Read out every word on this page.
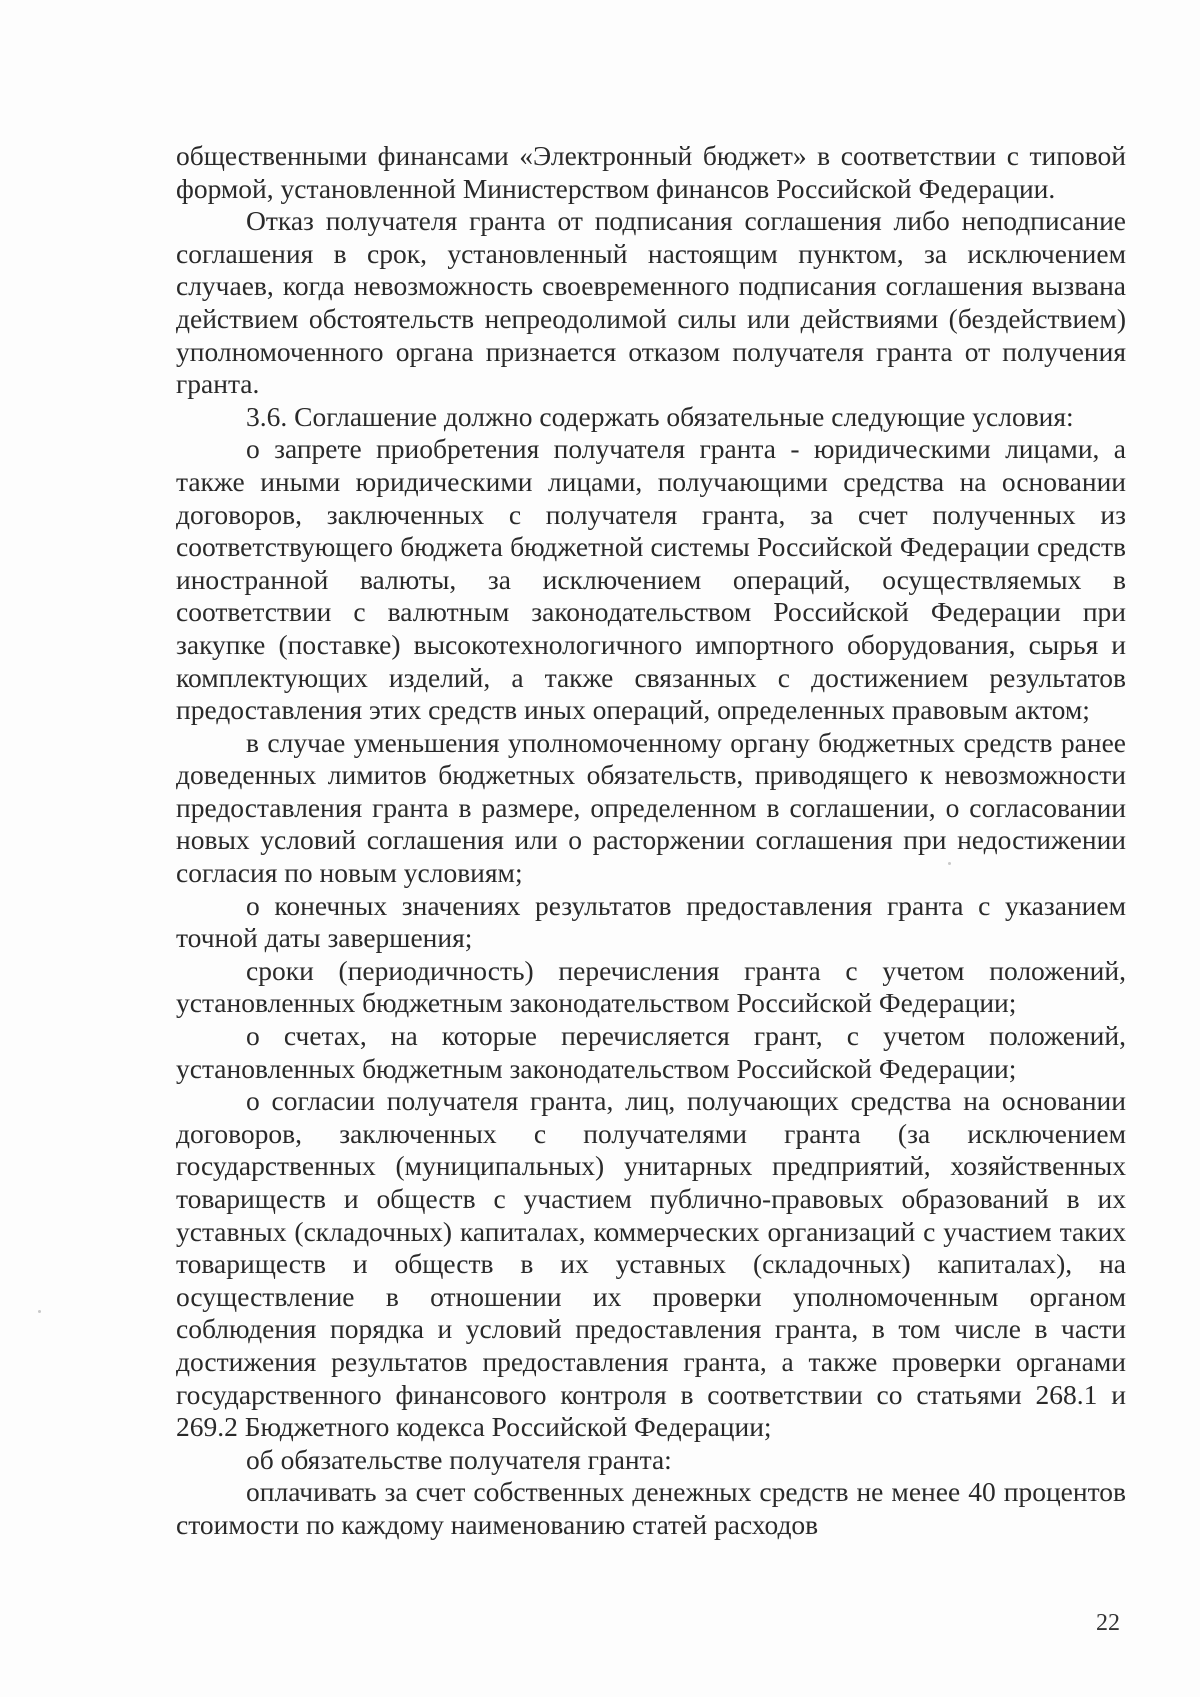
общественными финансами «Электронный бюджет» в соответствии с типовой формой, установленной Министерством финансов Российской Федерации.

Отказ получателя гранта от подписания соглашения либо неподписание соглашения в срок, установленный настоящим пунктом, за исключением случаев, когда невозможность своевременного подписания соглашения вызвана действием обстоятельств непреодолимой силы или действиями (бездействием) уполномоченного органа признается отказом получателя гранта от получения гранта.

3.6. Соглашение должно содержать обязательные следующие условия:

о запрете приобретения получателя гранта - юридическими лицами, а также иными юридическими лицами, получающими средства на основании договоров, заключенных с получателя гранта, за счет полученных из соответствующего бюджета бюджетной системы Российской Федерации средств иностранной валюты, за исключением операций, осуществляемых в соответствии с валютным законодательством Российской Федерации при закупке (поставке) высокотехнологичного импортного оборудования, сырья и комплектующих изделий, а также связанных с достижением результатов предоставления этих средств иных операций, определенных правовым актом;

в случае уменьшения уполномоченному органу бюджетных средств ранее доведенных лимитов бюджетных обязательств, приводящего к невозможности предоставления гранта в размере, определенном в соглашении, о согласовании новых условий соглашения или о расторжении соглашения при недостижении согласия по новым условиям;

о конечных значениях результатов предоставления гранта с указанием точной даты завершения;

сроки (периодичность) перечисления гранта с учетом положений, установленных бюджетным законодательством Российской Федерации;

о счетах, на которые перечисляется грант, с учетом положений, установленных бюджетным законодательством Российской Федерации;

о согласии получателя гранта, лиц, получающих средства на основании договоров, заключенных с получателями гранта (за исключением государственных (муниципальных) унитарных предприятий, хозяйственных товариществ и обществ с участием публично-правовых образований в их уставных (складочных) капиталах, коммерческих организаций с участием таких товариществ и обществ в их уставных (складочных) капиталах), на осуществление в отношении их проверки уполномоченным органом соблюдения порядка и условий предоставления гранта, в том числе в части достижения результатов предоставления гранта, а также проверки органами государственного финансового контроля в соответствии со статьями 268.1 и 269.2 Бюджетного кодекса Российской Федерации;

об обязательстве получателя гранта:

оплачивать за счет собственных денежных средств не менее 40 процентов стоимости по каждому наименованию статей расходов

22
